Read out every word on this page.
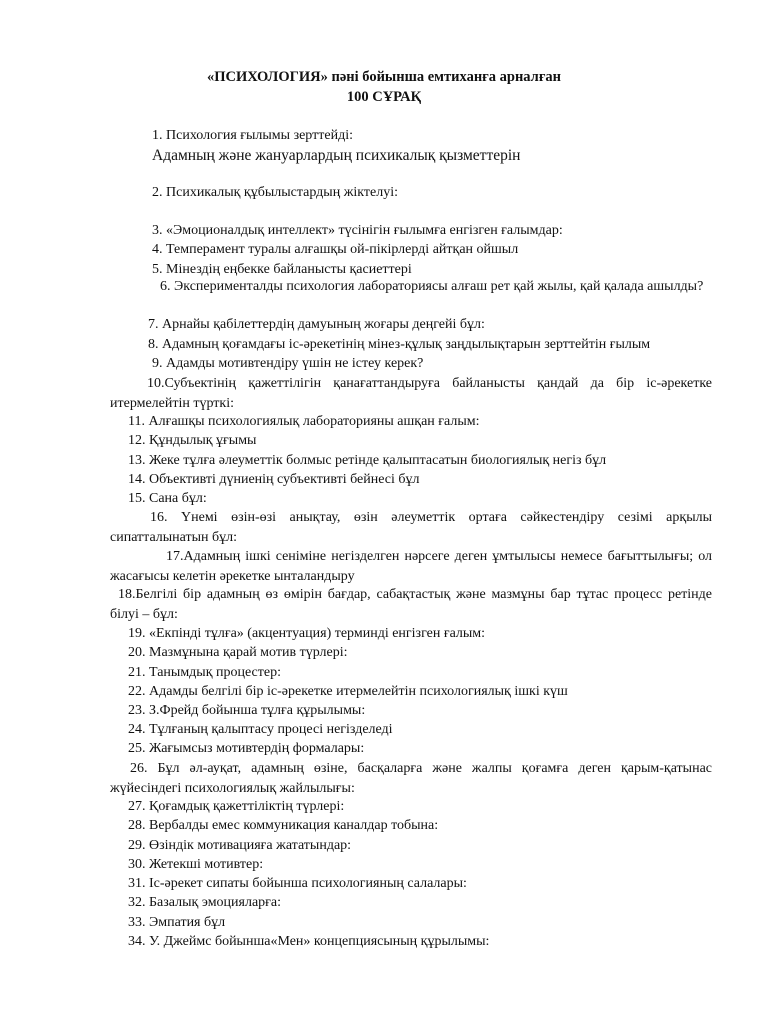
«ПСИХОЛОГИЯ» пәні бойынша емтиханға арналған
100 СҰРАҚ
1. Психология ғылымы зерттейді:
Адамның және жануарлардың психикалық қызметтерін
2. Психикалық құбылыстардың жіктелуі:
3. «Эмоционалдық интеллект» түсінігін ғылымға енгізген ғалымдар:
4. Темперамент туралы алғашқы ой-пікірлерді айтқан ойшыл
5. Мінездің еңбекке байланысты қасиеттері
6. Эксперименталды психология лабораториясы алғаш рет қай жылы, қай қалада ашылды?
7. Арнайы қабілеттердің дамуының жоғары деңгейі бұл:
8. Адамның қоғамдағы іс-әрекетінің мінез-құлық заңдылықтарын зерттейтін ғылым
9. Адамды мотивтендіру үшін не істеу керек?
10.Субъектінің қажеттілігін қанағаттандыруға байланысты қандай да бір іс-әрекетке итермелейтін түрткі:
11. Алғашқы психологиялық лабораторияны ашқан ғалым:
12. Құндылық ұғымы
13. Жеке тұлға әлеуметтік болмыс ретінде қалыптасатын биологиялық негіз бұл
14. Объективті дүниенің субъективті бейнесі бұл
15. Сана бұл:
16. Үнемі өзін-өзі анықтау, өзін әлеуметтік ортаға сәйкестендіру сезімі арқылы сипатталынатын бұл:
17.Адамның ішкі сеніміне негізделген нәрсеге деген ұмтылысы немесе бағыттылығы; ол жасағысы келетін әрекетке ынталандыру
18.Белгілі бір адамның өз өмірін бағдар, сабақтастық және мазмұны бар тұтас процесс ретінде білуі – бұл:
19. «Екпінді тұлға» (акцентуация) терминді енгізген ғалым:
20. Мазмұнына қарай мотив түрлері:
21. Танымдық процестер:
22. Адамды белгілі бір іс-әрекетке итермелейтін психологиялық ішкі күш
23. З.Фрейд бойынша тұлға құрылымы:
24. Тұлғаның қалыптасу процесі негізделеді
25. Жағымсыз мотивтердің формалары:
26. Бұл әл-ауқат, адамның өзіне, басқаларға және жалпы қоғамға деген қарым-қатынас жүйесіндегі психологиялық жайлылығы:
27. Қоғамдық қажеттіліктің түрлері:
28. Вербалды емес коммуникация каналдар тобына:
29. Өзіндік мотивацияға жататындар:
30. Жетекші мотивтер:
31. Іс-әрекет сипаты бойынша психологияның салалары:
32. Базалық эмоцияларға:
33. Эмпатия бұл
34. У. Джеймс бойынша«Мен» концепциясының құрылымы:
